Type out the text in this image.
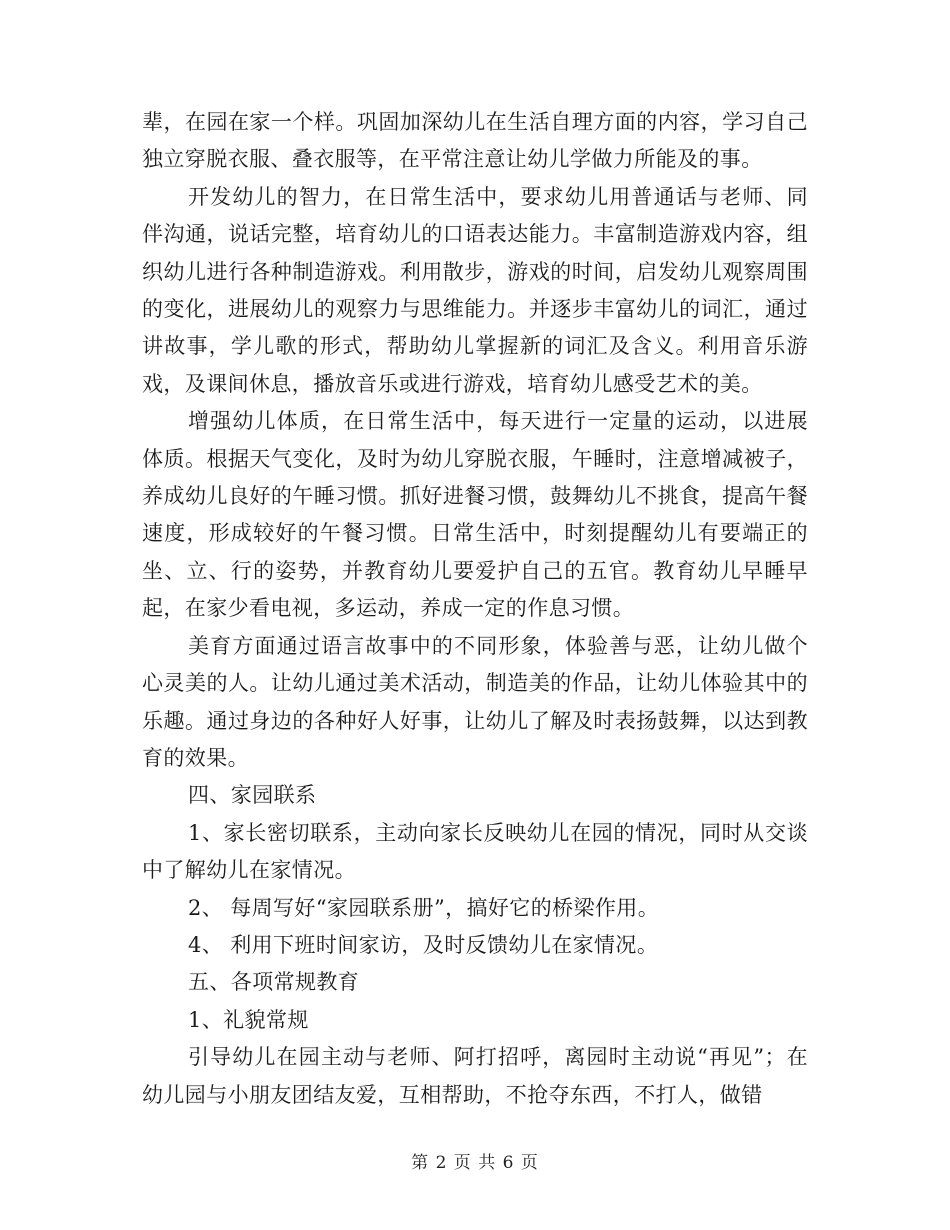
辈，在园在家一个样。巩固加深幼儿在生活自理方面的内容，学习自己独立穿脱衣服、叠衣服等，在平常注意让幼儿学做力所能及的事。

开发幼儿的智力，在日常生活中，要求幼儿用普通话与老师、同伴沟通，说话完整，培育幼儿的口语表达能力。丰富制造游戏内容，组织幼儿进行各种制造游戏。利用散步，游戏的时间，启发幼儿观察周围的变化，进展幼儿的观察力与思维能力。并逐步丰富幼儿的词汇，通过讲故事，学儿歌的形式，帮助幼儿掌握新的词汇及含义。利用音乐游戏，及课间休息，播放音乐或进行游戏，培育幼儿感受艺术的美。

增强幼儿体质，在日常生活中，每天进行一定量的运动，以进展体质。根据天气变化，及时为幼儿穿脱衣服，午睡时，注意增减被子，养成幼儿良好的午睡习惯。抓好进餐习惯，鼓舞幼儿不挑食，提高午餐速度，形成较好的午餐习惯。日常生活中，时刻提醒幼儿有要端正的坐、立、行的姿势，并教育幼儿要爱护自己的五官。教育幼儿早睡早起，在家少看电视，多运动，养成一定的作息习惯。

美育方面通过语言故事中的不同形象，体验善与恶，让幼儿做个心灵美的人。让幼儿通过美术活动，制造美的作品，让幼儿体验其中的乐趣。通过身边的各种好人好事，让幼儿了解及时表扬鼓舞，以达到教育的效果。

四、家园联系

1、家长密切联系，主动向家长反映幼儿在园的情况，同时从交谈中了解幼儿在家情况。

2、 每周写好“家园联系册”，搞好它的桥梁作用。

4、 利用下班时间家访，及时反馈幼儿在家情况。

五、各项常规教育

1、礼貌常规

引导幼儿在园主动与老师、阿打招呼，离园时主动说“再见”；在幼儿园与小朋友团结友爱，互相帮助，不抢夺东西，不打人，做错

第 2 页 共 6 页
